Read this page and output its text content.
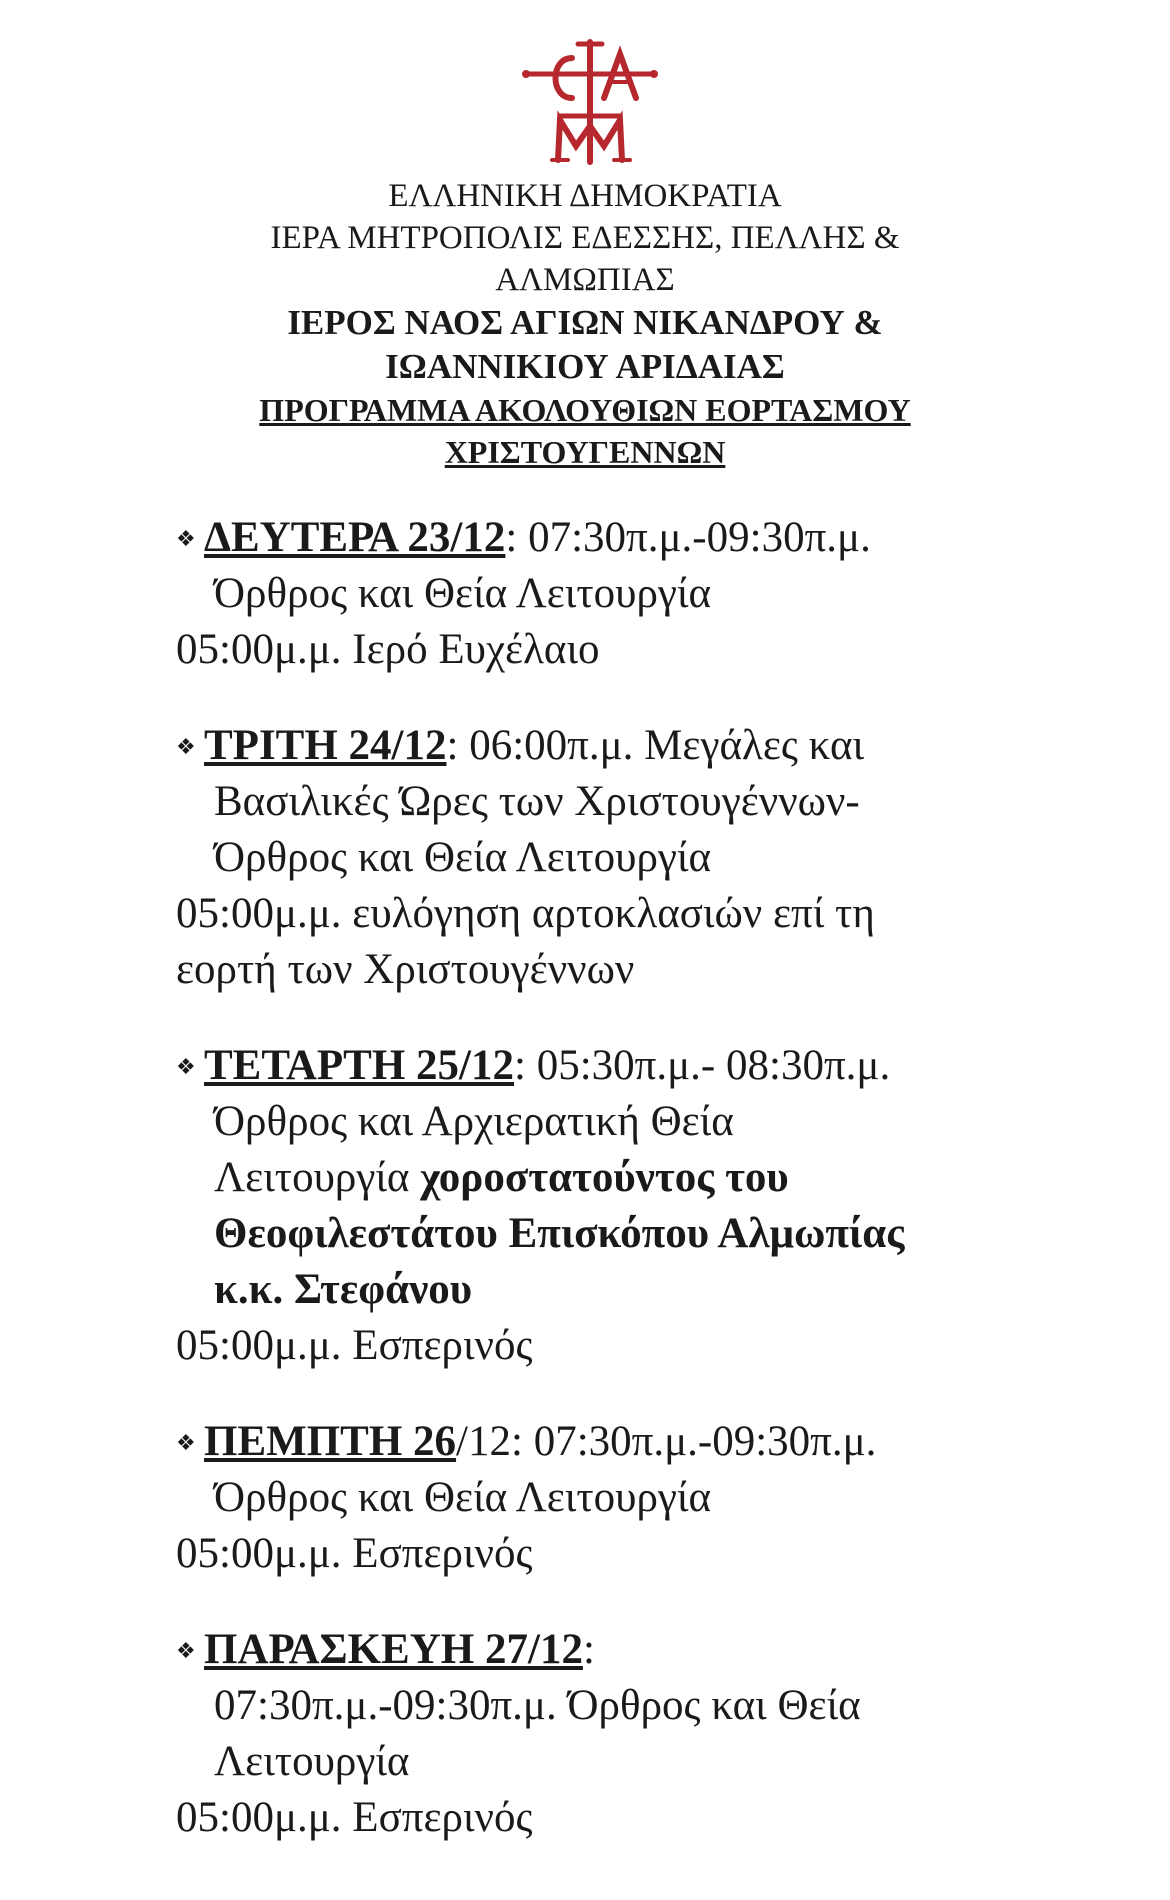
ΕΛΛΗΝΙΚΗ ΔΗΜΟΚΡΑΤΙΑ
ΙΕΡΑ ΜΗΤΡΟΠΟΛΙΣ ΕΔΕΣΣΗΣ, ΠΕΛΛΗΣ &
ΑΛΜΩΠΙΑΣ
ΙΕΡΟΣ ΝΑΟΣ ΑΓΙΩΝ ΝΙΚΑΝΔΡΟΥ &
ΙΩΑΝΝΙΚΙΟΥ ΑΡΙΔΑΙΑΣ
ΠΡΟΓΡΑΜΜΑ ΑΚΟΛΟΥΘΙΩΝ ΕΟΡΤΑΣΜΟΥ
ΧΡΙΣΤΟΥΓΕΝΝΩΝ
❖ ΔΕΥΤΕΡΑ 23/12: 07:30π.μ.-09:30π.μ.
Όρθρος και Θεία Λειτουργία
05:00μ.μ. Ιερό Ευχέλαιο
❖ ΤΡΙΤΗ 24/12: 06:00π.μ. Μεγάλες και
Βασιλικές Ώρες των Χριστουγέννων-
Όρθρος και Θεία Λειτουργία
05:00μ.μ. ευλόγηση αρτοκλασιών επί τη
εορτή των Χριστουγέννων
❖ ΤΕΤΑΡΤΗ 25/12: 05:30π.μ.- 08:30π.μ.
Όρθρος και Αρχιερατική Θεία
Λειτουργία χοροστατούντος του
Θεοφιλεστάτου Επισκόπου Αλμωπίας
κ.κ. Στεφάνου
05:00μ.μ. Εσπερινός
❖ ΠΕΜΠΤΗ 26/12: 07:30π.μ.-09:30π.μ.
Όρθρος και Θεία Λειτουργία
05:00μ.μ. Εσπερινός
❖ ΠΑΡΑΣΚΕΥΗ 27/12:
07:30π.μ.-09:30π.μ. Όρθρος και Θεία
Λειτουργία
05:00μ.μ. Εσπερινός
